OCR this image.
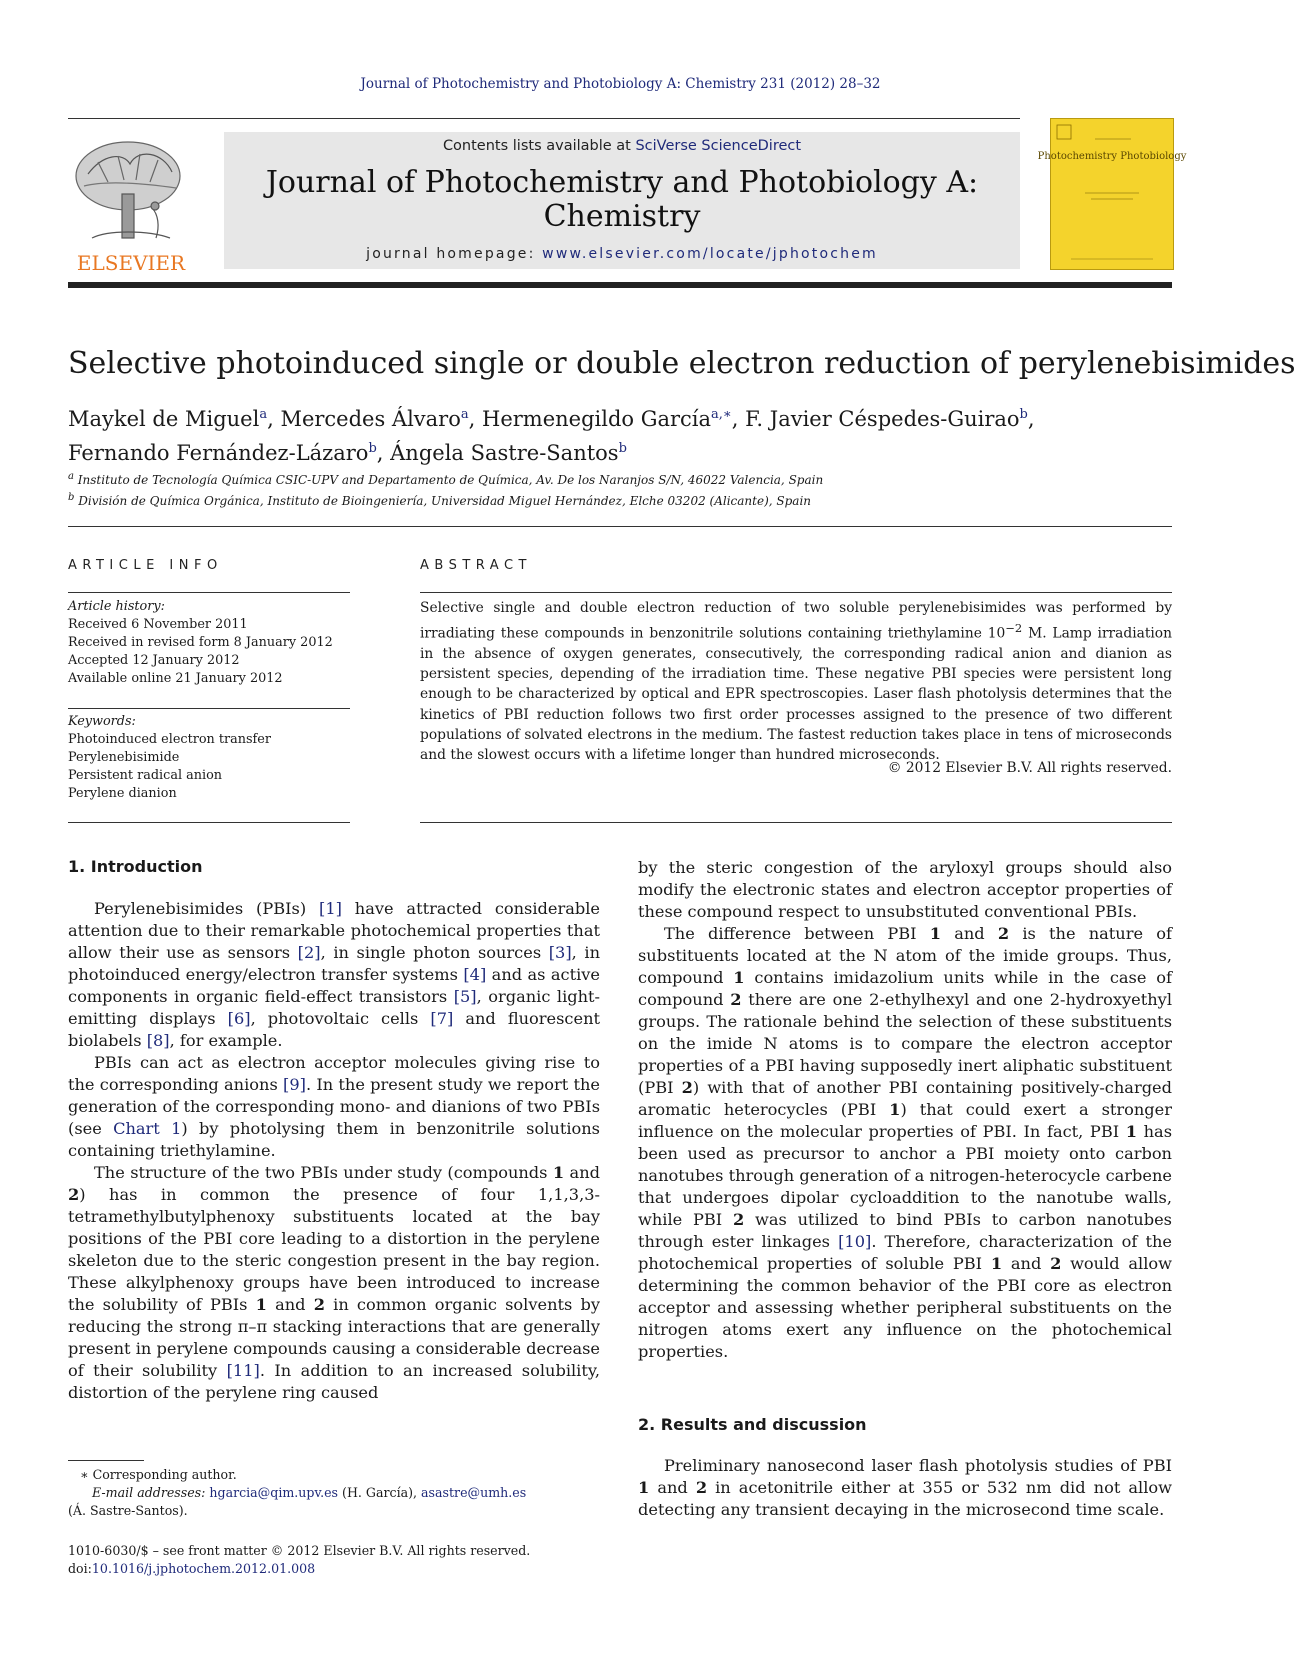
Journal of Photochemistry and Photobiology A: Chemistry 231 (2012) 28–32
ELSEVIER
Contents lists available at SciVerse ScienceDirect
Journal of Photochemistry and Photobiology A:
Chemistry
journal homepage: www.elsevier.com/locate/jphotochem
Photochemistry Photobiology
Selective photoinduced single or double electron reduction of perylenebisimides
Maykel de Miguel$^a$, Mercedes Álvaro$^a$, Hermenegildo García$^{a,∗}$, F. Javier Céspedes-Guirao$^b$,
Fernando Fernández-Lázaro$^b$, Ángela Sastre-Santos$^b$
$^a$ Instituto de Tecnología Química CSIC-UPV and Departamento de Química, Av. De los Naranjos S/N, 46022 Valencia, Spain
$^b$ División de Química Orgánica, Instituto de Bioingeniería, Universidad Miguel Hernández, Elche 03202 (Alicante), Spain
ARTICLE INFO
Article history:
Received 6 November 2011
Received in revised form 8 January 2012
Accepted 12 January 2012
Available online 21 January 2012
Keywords:
Photoinduced electron transfer
Perylenebisimide
Persistent radical anion
Perylene dianion
ABSTRACT
Selective single and double electron reduction of two soluble perylenebisimides was performed by irradiating these compounds in benzonitrile solutions containing triethylamine $10^{-2}$ M. Lamp irradiation in the absence of oxygen generates, consecutively, the corresponding radical anion and dianion as persistent species, depending of the irradiation time. These negative PBI species were persistent long enough to be characterized by optical and EPR spectroscopies. Laser flash photolysis determines that the kinetics of PBI reduction follows two first order processes assigned to the presence of two different populations of solvated electrons in the medium. The fastest reduction takes place in tens of microseconds and the slowest occurs with a lifetime longer than hundred microseconds.
© 2012 Elsevier B.V. All rights reserved.
1. Introduction

Perylenebisimides (PBIs) [1] have attracted considerable attention due to their remarkable photochemical properties that allow their use as sensors [2], in single photon sources [3], in photoinduced energy/electron transfer systems [4] and as active components in organic field-effect transistors [5], organic light-emitting displays [6], photovoltaic cells [7] and fluorescent biolabels [8], for example.

PBIs can act as electron acceptor molecules giving rise to the corresponding anions [9]. In the present study we report the generation of the corresponding mono- and dianions of two PBIs (see Chart 1) by photolysing them in benzonitrile solutions containing triethylamine.

The structure of the two PBIs under study (compounds 1 and 2) has in common the presence of four 1,1,3,3-tetramethylbutylphenoxy substituents located at the bay positions of the PBI core leading to a distortion in the perylene skeleton due to the steric congestion present in the bay region. These alkylphenoxy groups have been introduced to increase the solubility of PBIs 1 and 2 in common organic solvents by reducing the strong π–π stacking interactions that are generally present in perylene compounds causing a considerable decrease of their solubility [11]. In addition to an increased solubility, distortion of the perylene ring caused

by the steric congestion of the aryloxyl groups should also modify the electronic states and electron acceptor properties of these compound respect to unsubstituted conventional PBIs.

The difference between PBI 1 and 2 is the nature of substituents located at the N atom of the imide groups. Thus, compound 1 contains imidazolium units while in the case of compound 2 there are one 2-ethylhexyl and one 2-hydroxyethyl groups. The rationale behind the selection of these substituents on the imide N atoms is to compare the electron acceptor properties of a PBI having supposedly inert aliphatic substituent (PBI 2) with that of another PBI containing positively-charged aromatic heterocycles (PBI 1) that could exert a stronger influence on the molecular properties of PBI. In fact, PBI 1 has been used as precursor to anchor a PBI moiety onto carbon nanotubes through generation of a nitrogen-heterocycle carbene that undergoes dipolar cycloaddition to the nanotube walls, while PBI 2 was utilized to bind PBIs to carbon nanotubes through ester linkages [10]. Therefore, characterization of the photochemical properties of soluble PBI 1 and 2 would allow determining the common behavior of the PBI core as electron acceptor and assessing whether peripheral substituents on the nitrogen atoms exert any influence on the photochemical properties.

2. Results and discussion

Preliminary nanosecond laser flash photolysis studies of PBI 1 and 2 in acetonitrile either at 355 or 532 nm did not allow detecting any transient decaying in the microsecond time scale.

∗ Corresponding author.
E-mail addresses: hgarcia@qim.upv.es (H. García), asastre@umh.es
(Á. Sastre-Santos).
1010-6030/$ – see front matter © 2012 Elsevier B.V. All rights reserved.
doi:10.1016/j.jphotochem.2012.01.008
